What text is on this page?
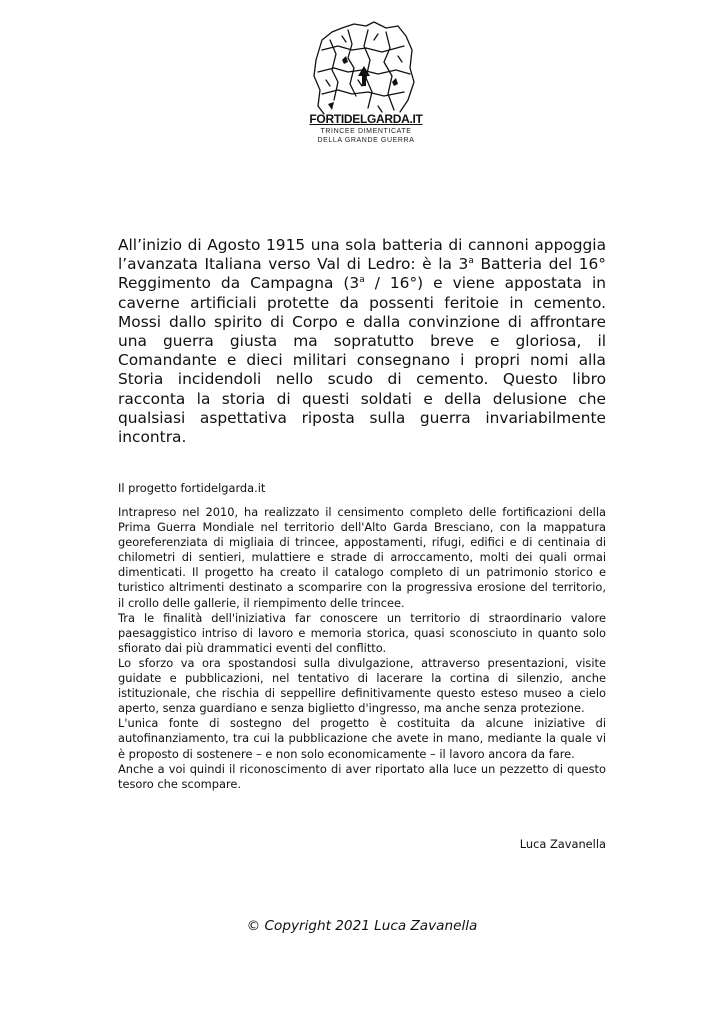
FORTIDELGARDA.IT
TRINCEE DIMENTICATE
DELLA GRANDE GUERRA

All’inizio di Agosto 1915 una sola batteria di cannoni appoggia l’avanzata Italiana verso Val di Ledro: è la 3$^a$ Batteria del 16° Reggimento da Campagna (3$^a$ / 16°) e viene appostata in caverne artificiali protette da possenti feritoie in cemento. Mossi dallo spirito di Corpo e dalla convinzione di affrontare una guerra giusta ma sopratutto breve e gloriosa, il Comandante e dieci militari consegnano i propri nomi alla Storia incidendoli nello scudo di cemento. Questo libro racconta la storia di questi soldati e della delusione che qualsiasi aspettativa riposta sulla guerra invariabilmente incontra.

Il progetto fortidelgarda.it

Intrapreso nel 2010, ha realizzato il censimento completo delle fortificazioni della Prima Guerra Mondiale nel territorio dell'Alto Garda Bresciano, con la mappatura georeferenziata di migliaia di trincee, appostamenti, rifugi, edifici e di centinaia di chilometri di sentieri, mulattiere e strade di arroccamento, molti dei quali ormai dimenticati. Il progetto ha creato il catalogo completo di un patrimonio storico e turistico altrimenti destinato a scomparire con la progressiva erosione del territorio, il crollo delle gallerie, il riempimento delle trincee.

Tra le finalità dell'iniziativa far conoscere un territorio di straordinario valore paesaggistico intriso di lavoro e memoria storica, quasi sconosciuto in quanto solo sfiorato dai più drammatici eventi del conflitto.

Lo sforzo va ora spostandosi sulla divulgazione, attraverso presentazioni, visite guidate e pubblicazioni, nel tentativo di lacerare la cortina di silenzio, anche istituzionale, che rischia di seppellire definitivamente questo esteso museo a cielo aperto, senza guardiano e senza biglietto d'ingresso, ma anche senza protezione.

L'unica fonte di sostegno del progetto è costituita da alcune iniziative di autofinanziamento, tra cui la pubblicazione che avete in mano, mediante la quale vi è proposto di sostenere – e non solo economicamente – il lavoro ancora da fare.

Anche a voi quindi il riconoscimento di aver riportato alla luce un pezzetto di questo tesoro che scompare.

Luca Zavanella

© Copyright 2021 Luca Zavanella
